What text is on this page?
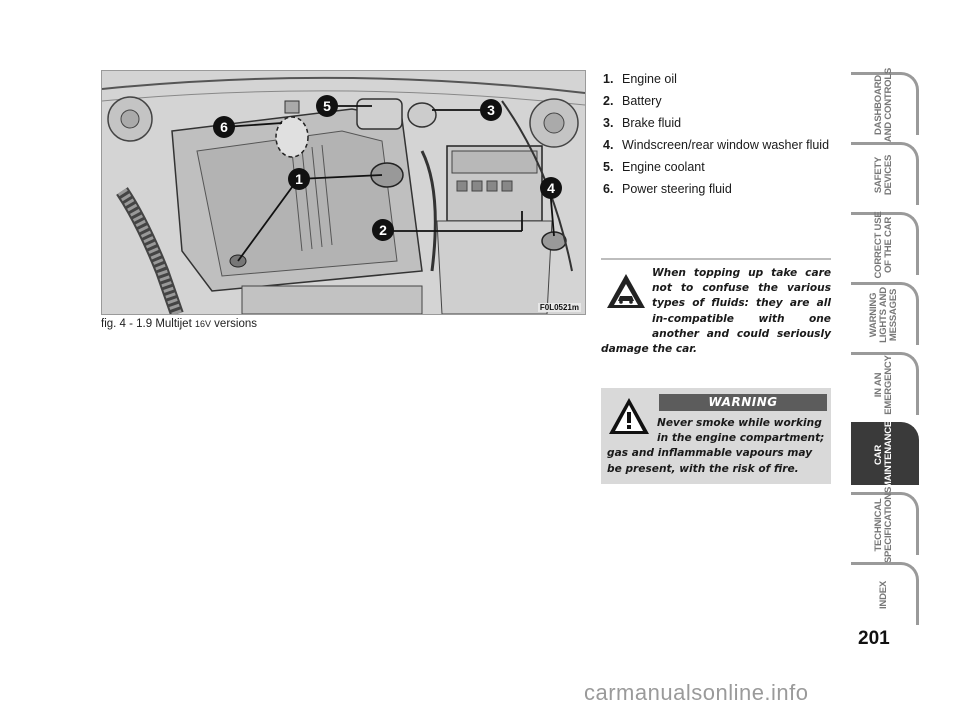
1
2
3
4
5
6
F0L0521m
fig. 4 - 1.9 Multijet 16V versions
1. Engine oil
2. Battery
3. Brake fluid
4. Windscreen/rear window washer fluid
5. Engine coolant
6. Power steering fluid

When topping up take care not to confuse the various types of fluids: they are all in-compatible with one another and could seriously damage the car.

WARNING

Never smoke while working in the engine compartment; gas and inflammable vapours may be present, with the risk of fire.

DASHBOARD
AND CONTROLS
SAFETY
DEVICES
CORRECT USE
OF THE CAR
WARNING
LIGHTS AND
MESSAGES
IN AN
EMERGENCY
CAR
MAINTENANCE
TECHNICAL
SPECIFICATIONS
INDEX
201
carmanualsonline.info
